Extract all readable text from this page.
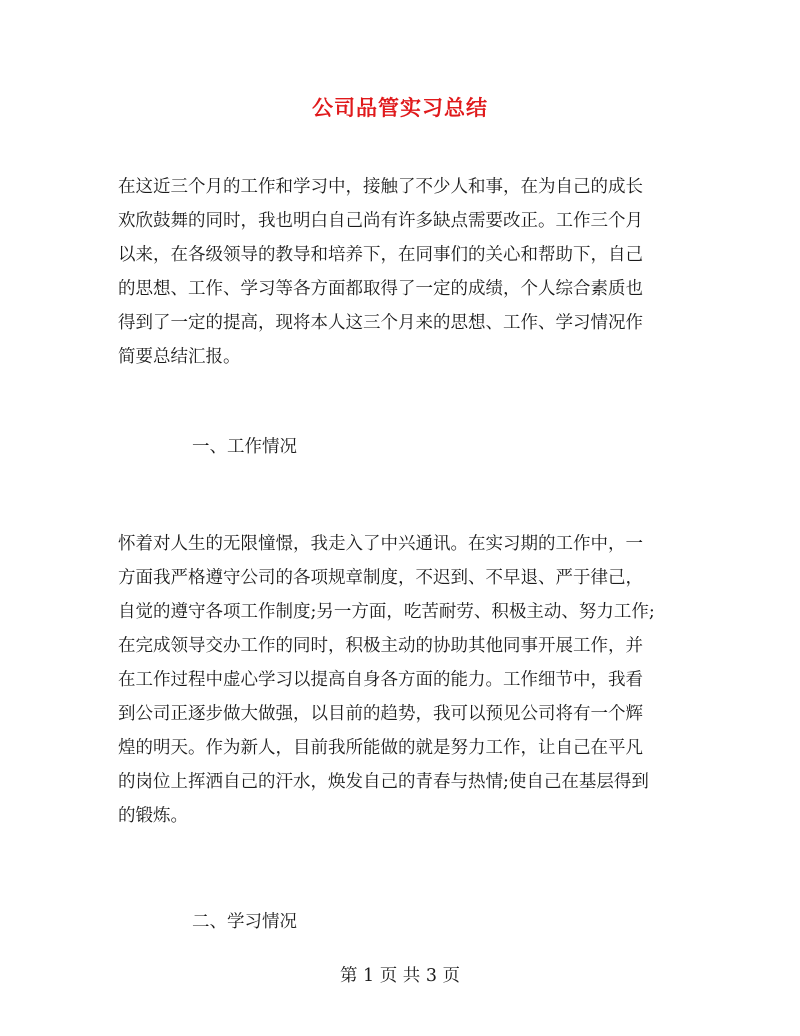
公司品管实习总结
在这近三个月的工作和学习中，接触了不少人和事，在为自己的成长
欢欣鼓舞的同时，我也明白自己尚有许多缺点需要改正。工作三个月
以来，在各级领导的教导和培养下，在同事们的关心和帮助下，自己
的思想、工作、学习等各方面都取得了一定的成绩，个人综合素质也
得到了一定的提高，现将本人这三个月来的思想、工作、学习情况作
简要总结汇报。
一、工作情况
怀着对人生的无限憧憬，我走入了中兴通讯。在实习期的工作中，一
方面我严格遵守公司的各项规章制度，不迟到、不早退、严于律己，
自觉的遵守各项工作制度;另一方面，吃苦耐劳、积极主动、努力工作;
在完成领导交办工作的同时，积极主动的协助其他同事开展工作，并
在工作过程中虚心学习以提高自身各方面的能力。工作细节中，我看
到公司正逐步做大做强，以目前的趋势，我可以预见公司将有一个辉
煌的明天。作为新人，目前我所能做的就是努力工作，让自己在平凡
的岗位上挥洒自己的汗水，焕发自己的青春与热情;使自己在基层得到
的锻炼。
二、学习情况
第 1 页 共 3 页
